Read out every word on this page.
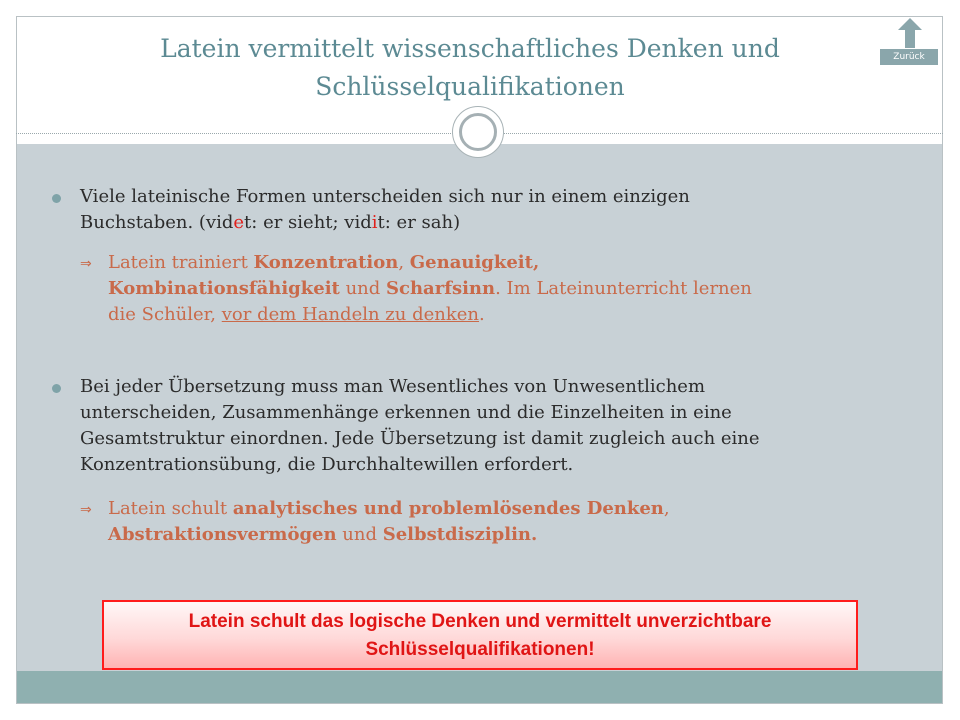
Latein vermittelt wissenschaftliches Denken und
Schlüsselqualifikationen
Zurück
Viele lateinische Formen unterscheiden sich nur in einem einzigen
Buchstaben. (videt: er sieht; vidit: er sah)
⇒ Latein trainiert Konzentration, Genauigkeit,
Kombinationsfähigkeit und Scharfsinn. Im Lateinunterricht lernen
die Schüler, vor dem Handeln zu denken.
Bei jeder Übersetzung muss man Wesentliches von Unwesentlichem
unterscheiden, Zusammenhänge erkennen und die Einzelheiten in eine
Gesamtstruktur einordnen. Jede Übersetzung ist damit zugleich auch eine
Konzentrationsübung, die Durchhaltewillen erfordert.
⇒ Latein schult analytisches und problemlösendes Denken,
Abstraktionsvermögen und Selbstdisziplin.
Latein schult das logische Denken und vermittelt unverzichtbare
Schlüsselqualifikationen!
